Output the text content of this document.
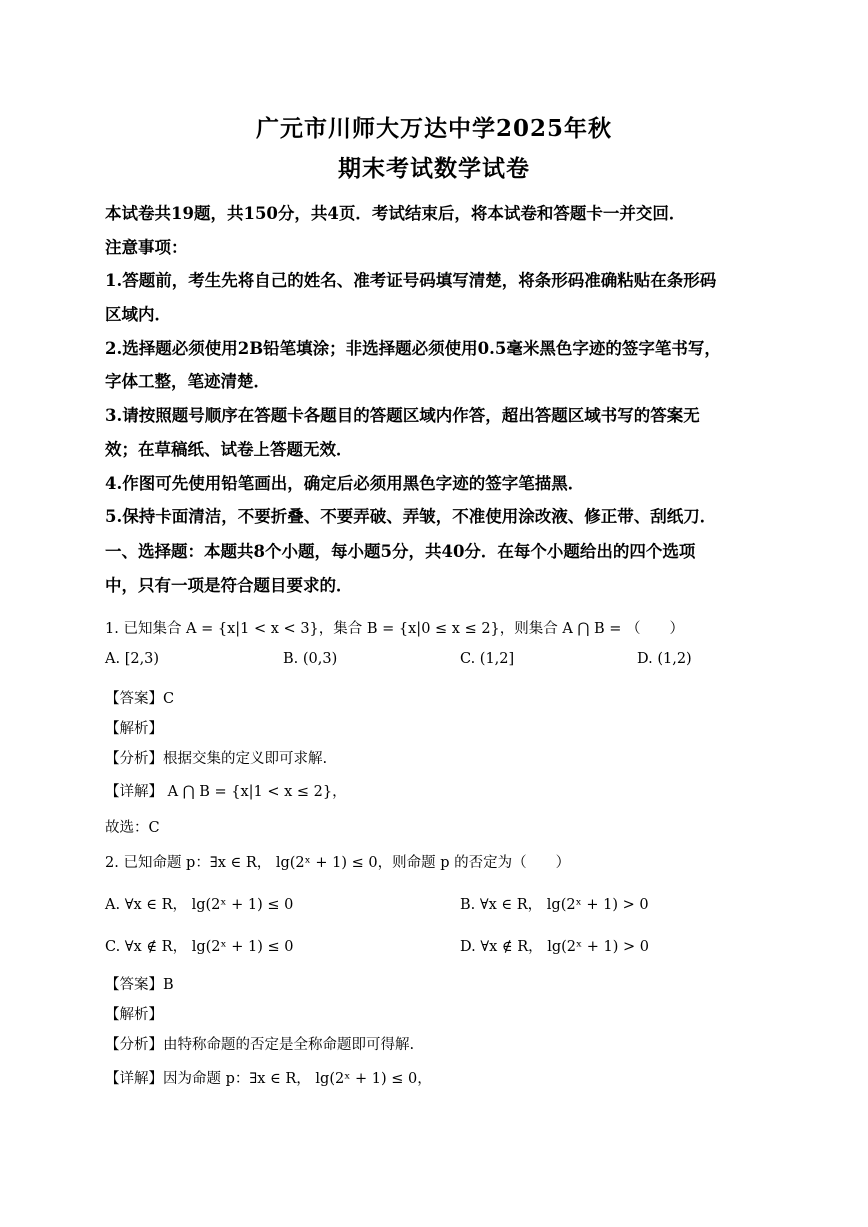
广元市川师大万达中学2025年秋
期末考试数学试卷
本试卷共19题，共150分，共4页．考试结束后，将本试卷和答题卡一并交回．
注意事项：
1.答题前，考生先将自己的姓名、准考证号码填写清楚，将条形码准确粘贴在条形码
区域内．
2.选择题必须使用2B铅笔填涂；非选择题必须使用0.5毫米黑色字迹的签字笔书写，
字体工整，笔迹清楚．
3.请按照题号顺序在答题卡各题目的答题区域内作答，超出答题区域书写的答案无
效；在草稿纸、试卷上答题无效．
4.作图可先使用铅笔画出，确定后必须用黑色字迹的签字笔描黑．
5.保持卡面清洁，不要折叠、不要弄破、弄皱，不准使用涂改液、修正带、刮纸刀．
一、选择题：本题共8个小题，每小题5分，共40分．在每个小题给出的四个选项
中，只有一项是符合题目要求的．
1. 已知集合 A = {x|1 < x < 3}，集合 B = {x|0 ≤ x ≤ 2}，则集合 A ⋂ B = （　　）
A. [2,3)	B. (0,3)	C. (1,2]	D. (1,2)
【答案】C
【解析】
【分析】根据交集的定义即可求解.
【详解】 A ⋂ B = {x|1 < x ≤ 2}，
故选：C
2. 已知命题 p：∃x ∈ R， lg(2ˣ + 1) ≤ 0，则命题 p 的否定为（　　）
A. ∀x ∈ R， lg(2ˣ + 1) ≤ 0	B. ∀x ∈ R， lg(2ˣ + 1) > 0
C. ∀x ∉ R， lg(2ˣ + 1) ≤ 0	D. ∀x ∉ R， lg(2ˣ + 1) > 0
【答案】B
【解析】
【分析】由特称命题的否定是全称命题即可得解.
【详解】因为命题 p：∃x ∈ R， lg(2ˣ + 1) ≤ 0，
